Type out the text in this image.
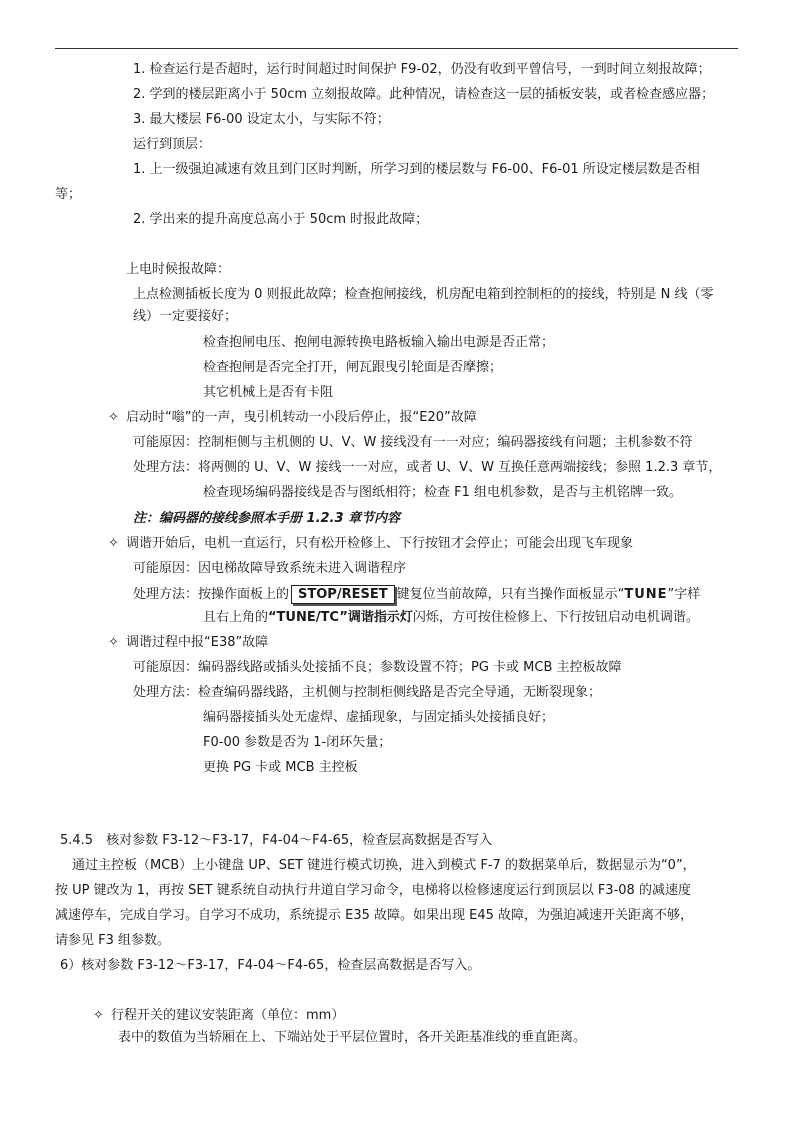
1. 检查运行是否超时，运行时间超过时间保护 F9-02，仍没有收到平曾信号，一到时间立刻报故障；
2. 学到的楼层距离小于 50cm 立刻报故障。此种情况，请检查这一层的插板安装，或者检查感应器；
3. 最大楼层 F6-00 设定太小，与实际不符；
运行到顶层：
1. 上一级强迫减速有效且到门区时判断，所学习到的楼层数与 F6-00、F6-01 所设定楼层数是否相
等；
2. 学出来的提升高度总高小于 50cm 时报此故障；
上电时候报故障：
上点检测插板长度为 0 则报此故障；检查抱闸接线，机房配电箱到控制柜的的接线，特别是 N 线（零
线）一定要接好；
检查抱闸电压、抱闸电源转换电路板输入输出电源是否正常；
检查抱闸是否完全打开，闸瓦跟曳引轮面是否摩擦；
其它机械上是否有卡阻
✧ 启动时“嗡”的一声，曳引机转动一小段后停止，报“E20”故障
可能原因：控制柜侧与主机侧的 U、V、W 接线没有一一对应；编码器接线有问题；主机参数不符
处理方法：将两侧的 U、V、W 接线一一对应，或者 U、V、W 互换任意两端接线；参照 1.2.3 章节，
检查现场编码器接线是否与图纸相符；检查 F1 组电机参数，是否与主机铭牌一致。
注：编码器的接线参照本手册 1.2.3 章节内容
✧ 调谐开始后，电机一直运行，只有松开检修上、下行按钮才会停止；可能会出现飞车现象
可能原因：因电梯故障导致系统未进入调谐程序
处理方法：按操作面板上的 STOP/RESET 键复位当前故障，只有当操作面板显示“TUNE”字样
且右上角的“TUNE/TC”调谐指示灯闪烁，方可按住检修上、下行按钮启动电机调谐。
✧ 调谐过程中报“E38”故障
可能原因：编码器线路或插头处接插不良；参数设置不符；PG 卡或 MCB 主控板故障
处理方法：检查编码器线路，主机侧与控制柜侧线路是否完全导通，无断裂现象；
编码器接插头处无虚焊、虚插现象，与固定插头处接插良好；
F0-00 参数是否为 1-闭环矢量；
更换 PG 卡或 MCB 主控板
5.4.5　核对参数 F3-12～F3-17，F4-04～F4-65，检查层高数据是否写入
通过主控板（MCB）上小键盘 UP、SET 键进行模式切换，进入到模式 F-7 的数据菜单后，数据显示为“0”，
按 UP 键改为 1，再按 SET 键系统自动执行井道自学习命令，电梯将以检修速度运行到顶层以 F3-08 的减速度
减速停车，完成自学习。自学习不成功，系统提示 E35 故障。如果出现 E45 故障，为强迫减速开关距离不够，
请参见 F3 组参数。
6）核对参数 F3-12～F3-17，F4-04～F4-65，检查层高数据是否写入。
✧ 行程开关的建议安装距离（单位：mm）
表中的数值为当轿厢在上、下端站处于平层位置时，各开关距基准线的垂直距离。
